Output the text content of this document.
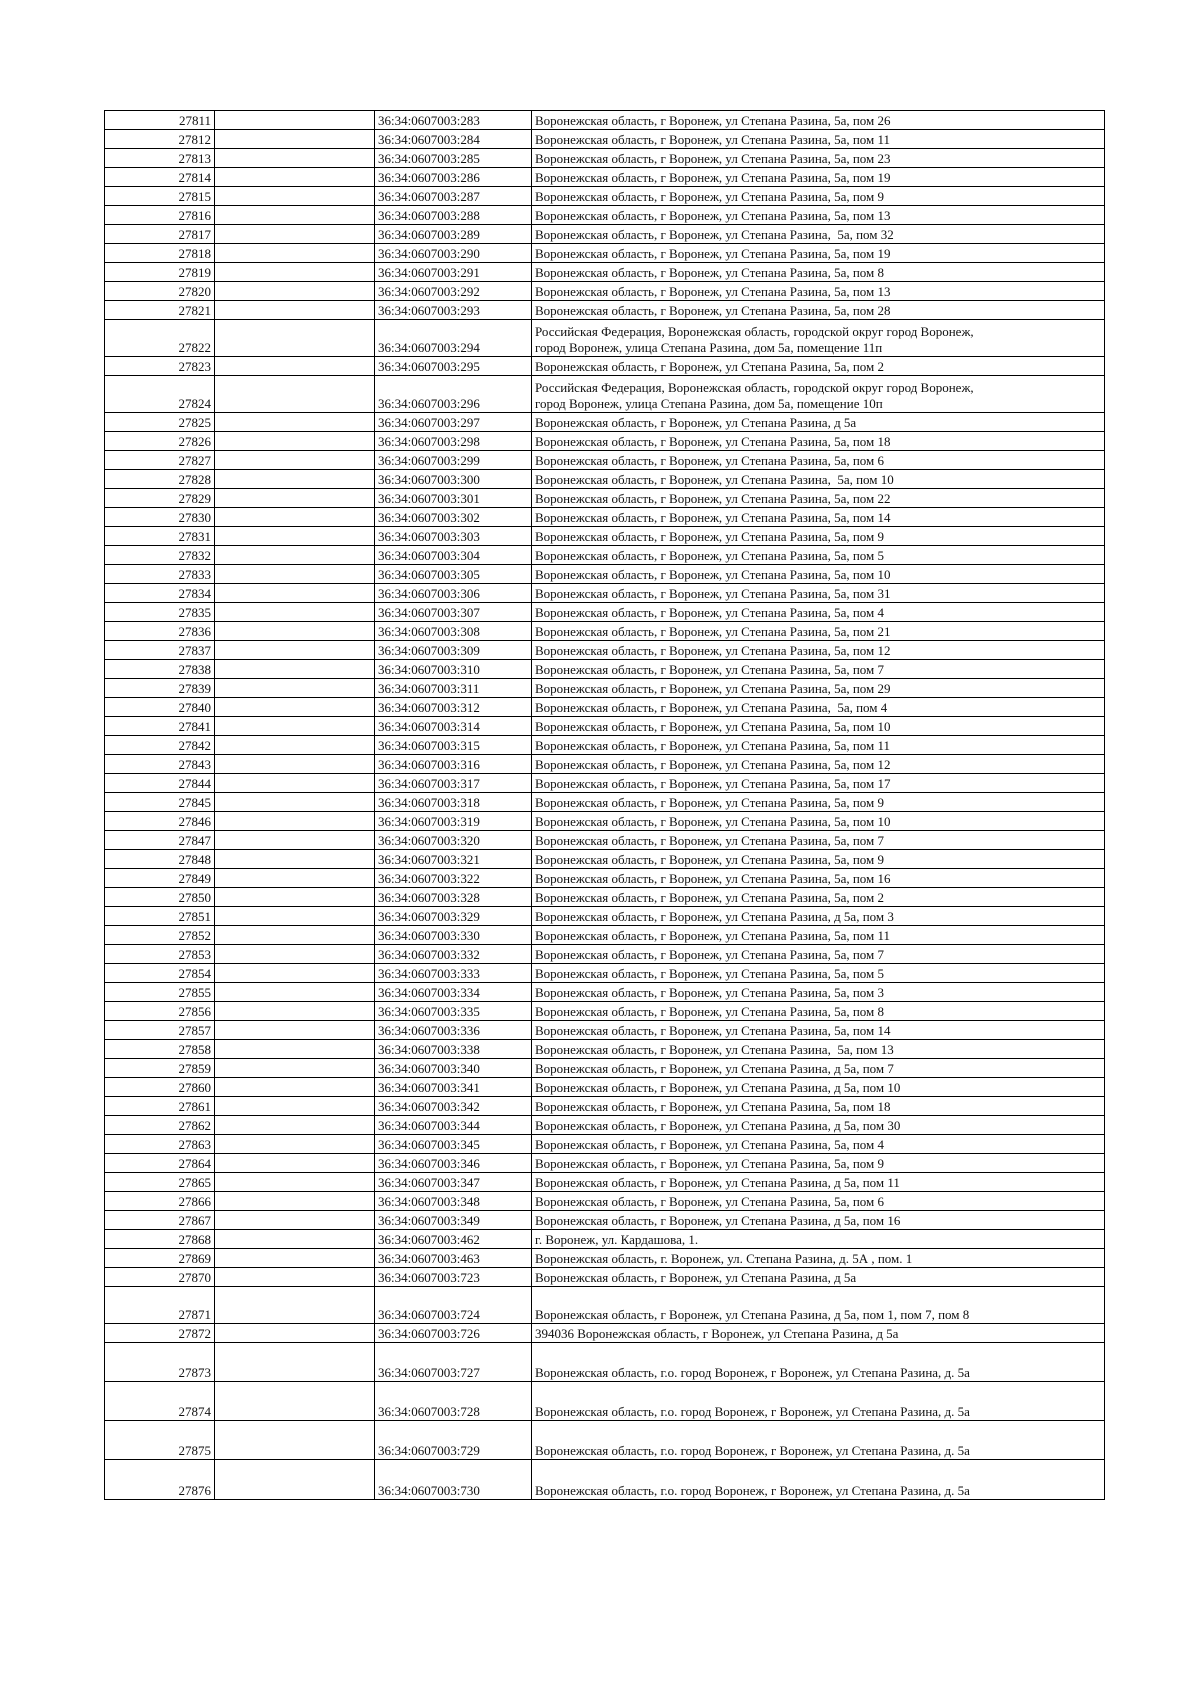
27811		36:34:0607003:283	Воронежская область, г Воронеж, ул Степана Разина, 5а, пом 26
27812		36:34:0607003:284	Воронежская область, г Воронеж, ул Степана Разина, 5а, пом 11
27813		36:34:0607003:285	Воронежская область, г Воронеж, ул Степана Разина, 5а, пом 23
27814		36:34:0607003:286	Воронежская область, г Воронеж, ул Степана Разина, 5а, пом 19
27815		36:34:0607003:287	Воронежская область, г Воронеж, ул Степана Разина, 5а, пом 9
27816		36:34:0607003:288	Воронежская область, г Воронеж, ул Степана Разина, 5а, пом 13
27817		36:34:0607003:289	Воронежская область, г Воронеж, ул Степана Разина,  5а, пом 32
27818		36:34:0607003:290	Воронежская область, г Воронеж, ул Степана Разина, 5а, пом 19
27819		36:34:0607003:291	Воронежская область, г Воронеж, ул Степана Разина, 5а, пом 8
27820		36:34:0607003:292	Воронежская область, г Воронеж, ул Степана Разина, 5а, пом 13
27821		36:34:0607003:293	Воронежская область, г Воронеж, ул Степана Разина, 5а, пом 28
27822		36:34:0607003:294	Российская Федерация, Воронежская область, городской округ город Воронеж,
город Воронеж, улица Степана Разина, дом 5а, помещение 11п
27823		36:34:0607003:295	Воронежская область, г Воронеж, ул Степана Разина, 5а, пом 2
27824		36:34:0607003:296	Российская Федерация, Воронежская область, городской округ город Воронеж,
город Воронеж, улица Степана Разина, дом 5а, помещение 10п
27825		36:34:0607003:297	Воронежская область, г Воронеж, ул Степана Разина, д 5а
27826		36:34:0607003:298	Воронежская область, г Воронеж, ул Степана Разина, 5а, пом 18
27827		36:34:0607003:299	Воронежская область, г Воронеж, ул Степана Разина, 5а, пом 6
27828		36:34:0607003:300	Воронежская область, г Воронеж, ул Степана Разина,  5а, пом 10
27829		36:34:0607003:301	Воронежская область, г Воронеж, ул Степана Разина, 5а, пом 22
27830		36:34:0607003:302	Воронежская область, г Воронеж, ул Степана Разина, 5а, пом 14
27831		36:34:0607003:303	Воронежская область, г Воронеж, ул Степана Разина, 5а, пом 9
27832		36:34:0607003:304	Воронежская область, г Воронеж, ул Степана Разина, 5а, пом 5
27833		36:34:0607003:305	Воронежская область, г Воронеж, ул Степана Разина, 5а, пом 10
27834		36:34:0607003:306	Воронежская область, г Воронеж, ул Степана Разина, 5а, пом 31
27835		36:34:0607003:307	Воронежская область, г Воронеж, ул Степана Разина, 5а, пом 4
27836		36:34:0607003:308	Воронежская область, г Воронеж, ул Степана Разина, 5а, пом 21
27837		36:34:0607003:309	Воронежская область, г Воронеж, ул Степана Разина, 5а, пом 12
27838		36:34:0607003:310	Воронежская область, г Воронеж, ул Степана Разина, 5а, пом 7
27839		36:34:0607003:311	Воронежская область, г Воронеж, ул Степана Разина, 5а, пом 29
27840		36:34:0607003:312	Воронежская область, г Воронеж, ул Степана Разина,  5а, пом 4
27841		36:34:0607003:314	Воронежская область, г Воронеж, ул Степана Разина, 5а, пом 10
27842		36:34:0607003:315	Воронежская область, г Воронеж, ул Степана Разина, 5а, пом 11
27843		36:34:0607003:316	Воронежская область, г Воронеж, ул Степана Разина, 5а, пом 12
27844		36:34:0607003:317	Воронежская область, г Воронеж, ул Степана Разина, 5а, пом 17
27845		36:34:0607003:318	Воронежская область, г Воронеж, ул Степана Разина, 5а, пом 9
27846		36:34:0607003:319	Воронежская область, г Воронеж, ул Степана Разина, 5а, пом 10
27847		36:34:0607003:320	Воронежская область, г Воронеж, ул Степана Разина, 5а, пом 7
27848		36:34:0607003:321	Воронежская область, г Воронеж, ул Степана Разина, 5а, пом 9
27849		36:34:0607003:322	Воронежская область, г Воронеж, ул Степана Разина, 5а, пом 16
27850		36:34:0607003:328	Воронежская область, г Воронеж, ул Степана Разина, 5а, пом 2
27851		36:34:0607003:329	Воронежская область, г Воронеж, ул Степана Разина, д 5а, пом 3
27852		36:34:0607003:330	Воронежская область, г Воронеж, ул Степана Разина, 5а, пом 11
27853		36:34:0607003:332	Воронежская область, г Воронеж, ул Степана Разина, 5а, пом 7
27854		36:34:0607003:333	Воронежская область, г Воронеж, ул Степана Разина, 5а, пом 5
27855		36:34:0607003:334	Воронежская область, г Воронеж, ул Степана Разина, 5а, пом 3
27856		36:34:0607003:335	Воронежская область, г Воронеж, ул Степана Разина, 5а, пом 8
27857		36:34:0607003:336	Воронежская область, г Воронеж, ул Степана Разина, 5а, пом 14
27858		36:34:0607003:338	Воронежская область, г Воронеж, ул Степана Разина,  5а, пом 13
27859		36:34:0607003:340	Воронежская область, г Воронеж, ул Степана Разина, д 5а, пом 7
27860		36:34:0607003:341	Воронежская область, г Воронеж, ул Степана Разина, д 5а, пом 10
27861		36:34:0607003:342	Воронежская область, г Воронеж, ул Степана Разина, 5а, пом 18
27862		36:34:0607003:344	Воронежская область, г Воронеж, ул Степана Разина, д 5а, пом 30
27863		36:34:0607003:345	Воронежская область, г Воронеж, ул Степана Разина, 5а, пом 4
27864		36:34:0607003:346	Воронежская область, г Воронеж, ул Степана Разина, 5а, пом 9
27865		36:34:0607003:347	Воронежская область, г Воронеж, ул Степана Разина, д 5а, пом 11
27866		36:34:0607003:348	Воронежская область, г Воронеж, ул Степана Разина, 5а, пом 6
27867		36:34:0607003:349	Воронежская область, г Воронеж, ул Степана Разина, д 5а, пом 16
27868		36:34:0607003:462	г. Воронеж, ул. Кардашова, 1.
27869		36:34:0607003:463	Воронежская область, г. Воронеж, ул. Степана Разина, д. 5А , пом. 1
27870		36:34:0607003:723	Воронежская область, г Воронеж, ул Степана Разина, д 5а
27871		36:34:0607003:724	Воронежская область, г Воронеж, ул Степана Разина, д 5а, пом 1, пом 7, пом 8
27872		36:34:0607003:726	394036 Воронежская область, г Воронеж, ул Степана Разина, д 5а
27873		36:34:0607003:727	Воронежская область, г.о. город Воронеж, г Воронеж, ул Степана Разина, д. 5а
27874		36:34:0607003:728	Воронежская область, г.о. город Воронеж, г Воронеж, ул Степана Разина, д. 5а
27875		36:34:0607003:729	Воронежская область, г.о. город Воронеж, г Воронеж, ул Степана Разина, д. 5а
27876		36:34:0607003:730	Воронежская область, г.о. город Воронеж, г Воронеж, ул Степана Разина, д. 5а
